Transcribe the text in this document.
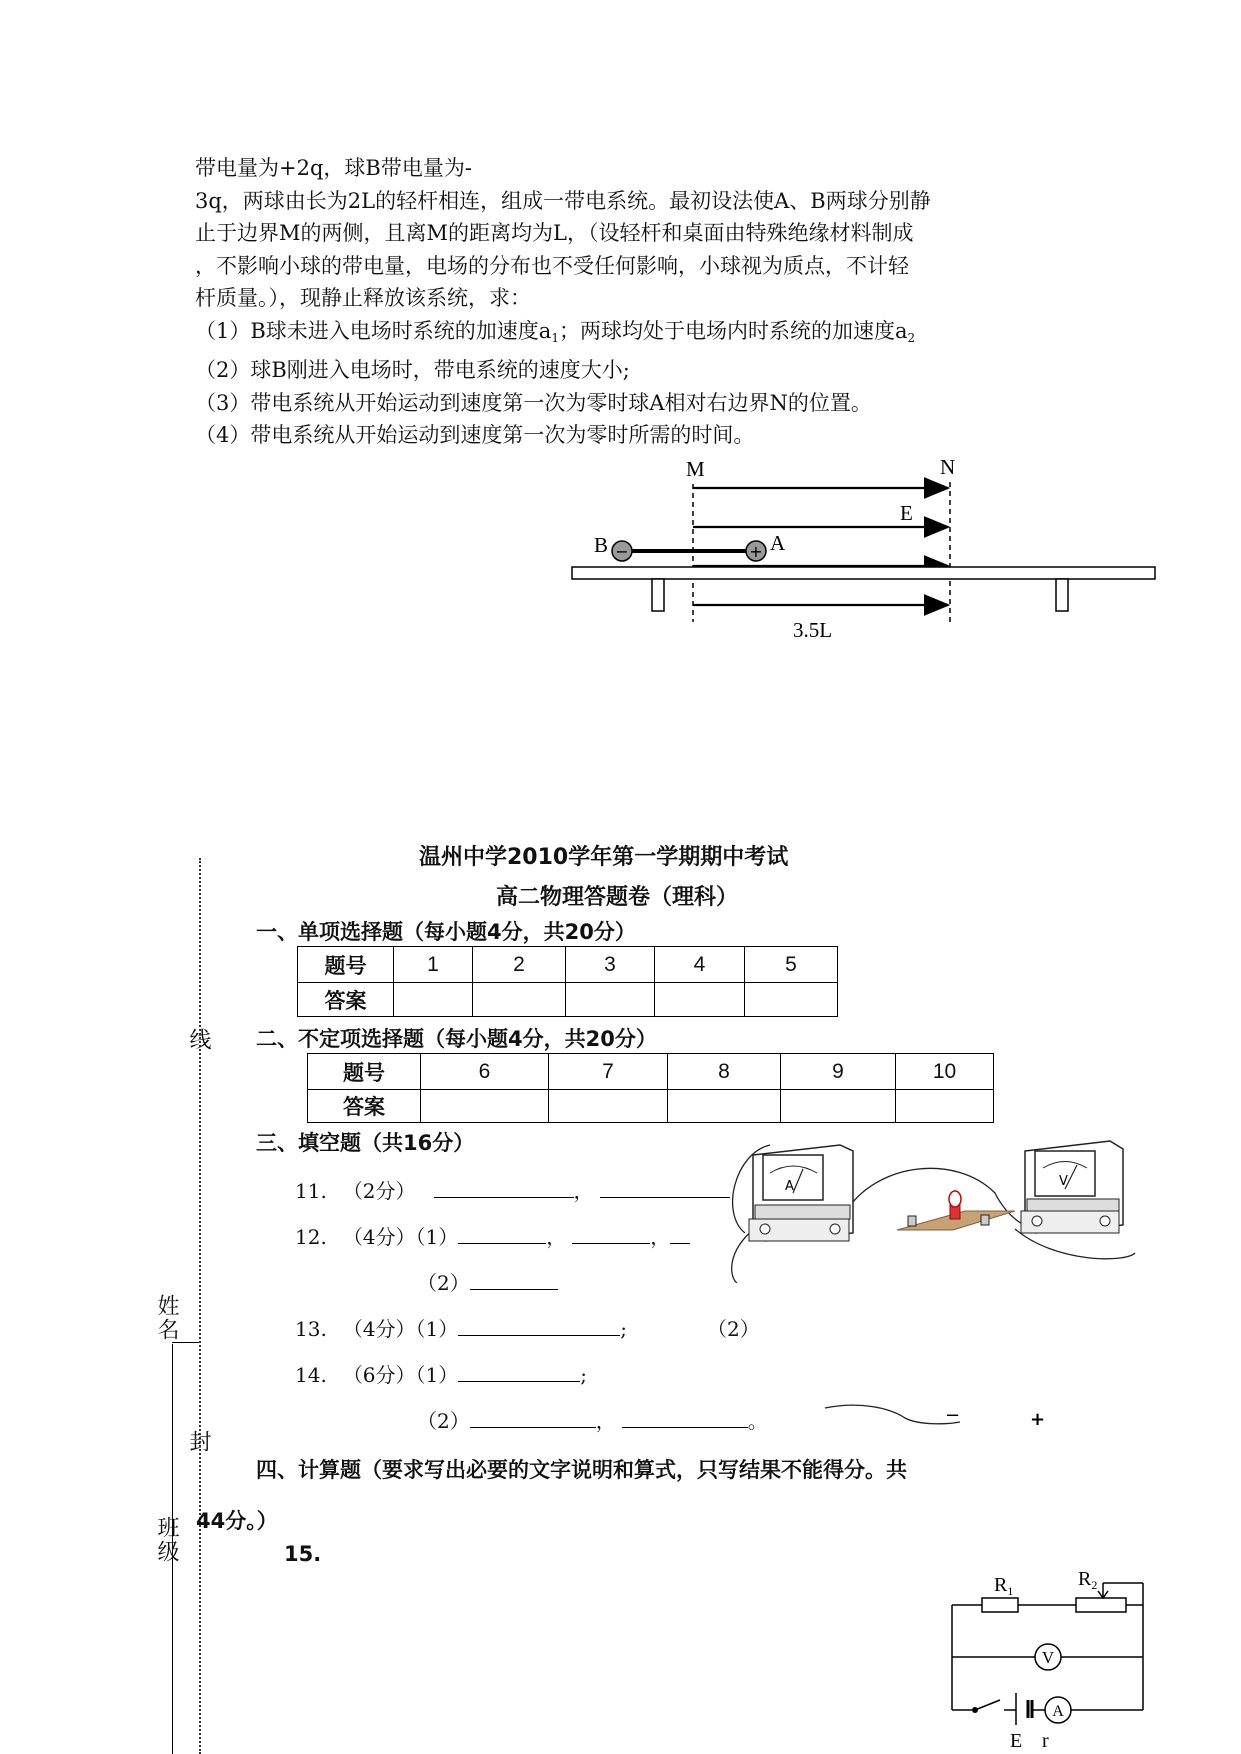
带电量为+2q，球B带电量为-
3q，两球由长为2L的轻杆相连，组成一带电系统。最初设法使A、B两球分别静
止于边界M的两侧，且离M的距离均为L，（设轻杆和桌面由特殊绝缘材料制成
，不影响小球的带电量，电场的分布也不受任何影响，小球视为质点，不计轻
杆质量。），现静止释放该系统，求：
（1）B球未进入电场时系统的加速度$a_1$；两球均处于电场内时系统的加速度$a_2$
（2）球B刚进入电场时，带电系统的速度大小;
（3）带电系统从开始运动到速度第一次为零时球A相对右边界N的位置。
（4）带电系统从开始运动到速度第一次为零时所需的时间。
M	N
E
B −	+ A
3.5L
线
姓名
封
班级
温州中学2010学年第一学期期中考试
高二物理答题卷（理科）
一、单项选择题（每小题4分，共20分）
题号	1	2	3	4	5
答案					
二、不定项选择题（每小题4分，共20分）
题号	6	7	8	9	10
答案					
三、填空题（共16分）
11. （2分）	，
12. （4分）（1）	，	，
（2）
13. （4分）（1）	;	（2）
14. （6分）（1）	;
（2）	，	。
四、计算题（要求写出必要的文字说明和算式，只写结果不能得分。共
44分。）
15.
A	V
−	+
$R_1$
$R_2$
V
A
E r
